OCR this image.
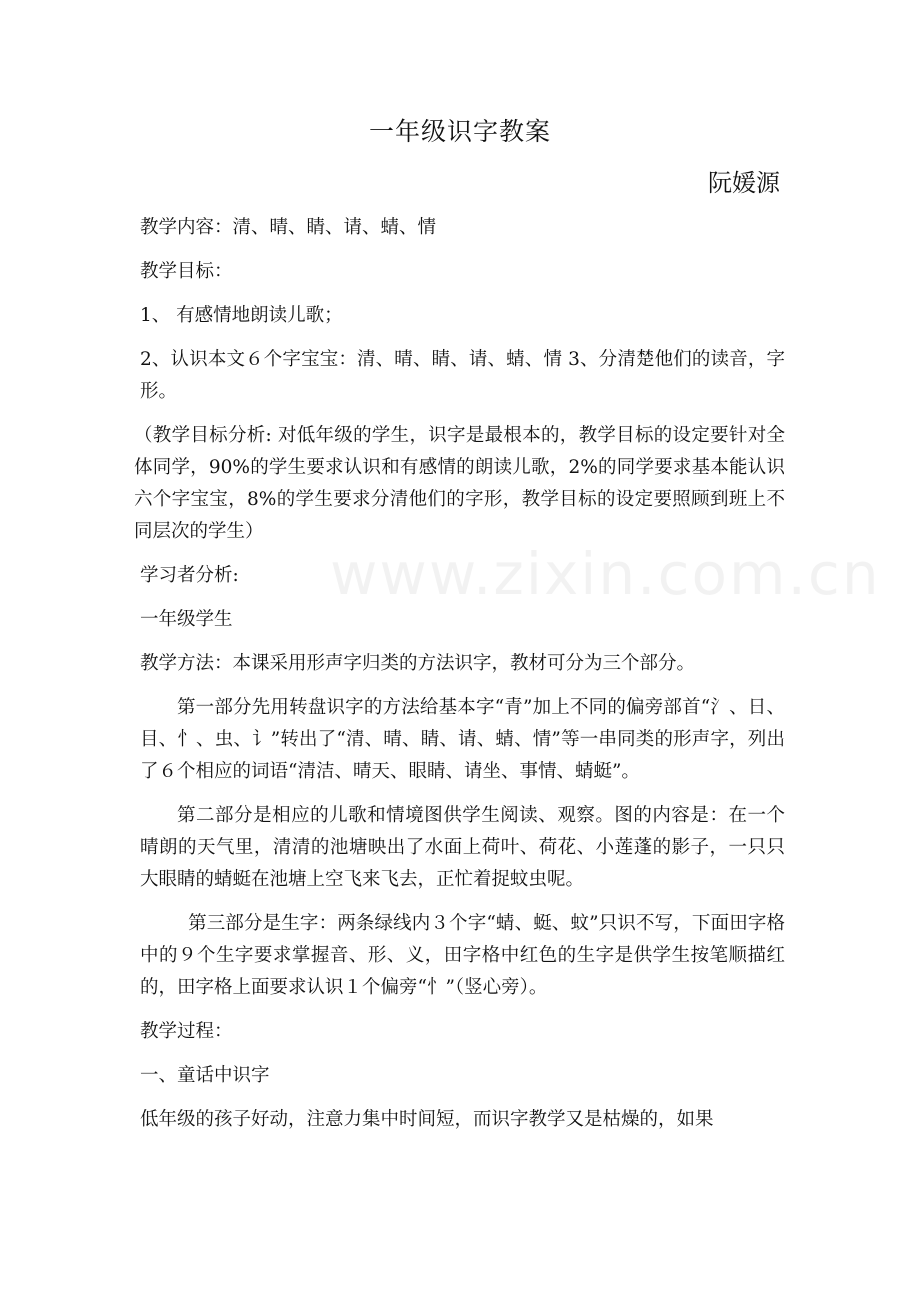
www.zixin.com.cn
一年级识字教案
阮媛源

教学内容：清、晴、睛、请、蜻、情

教学目标：

1、 有感情地朗读儿歌；

2、认识本文６个字宝宝：清、晴、睛、请、蜻、情 3、分清楚他们的读音，字形。

（教学目标分析: 对低年级的学生，识字是最根本的，教学目标的设定要针对全体同学，90%的学生要求认识和有感情的朗读儿歌，2%的同学要求基本能认识六个字宝宝，8%的学生要求分清他们的字形，教学目标的设定要照顾到班上不同层次的学生）

学习者分析:

一年级学生

教学方法：本课采用形声字归类的方法识字，教材可分为三个部分。

第一部分先用转盘识字的方法给基本字“青”加上不同的偏旁部首“氵、日、目、忄、虫、讠”转出了“清、晴、睛、请、蜻、情”等一串同类的形声字，列出了６个相应的词语“清洁、晴天、眼睛、请坐、事情、蜻蜓”。

第二部分是相应的儿歌和情境图供学生阅读、观察。图的内容是：在一个晴朗的天气里，清清的池塘映出了水面上荷叶、荷花、小莲蓬的影子，一只只大眼睛的蜻蜓在池塘上空飞来飞去，正忙着捉蚊虫呢。

第三部分是生字：两条绿线内３个字“蜻、蜓、蚊”只识不写，下面田字格中的９个生字要求掌握音、形、义，田字格中红色的生字是供学生按笔顺描红的，田字格上面要求认识１个偏旁“忄”（竖心旁）。

教学过程：

一、童话中识字

低年级的孩子好动，注意力集中时间短，而识字教学又是枯燥的，如果
